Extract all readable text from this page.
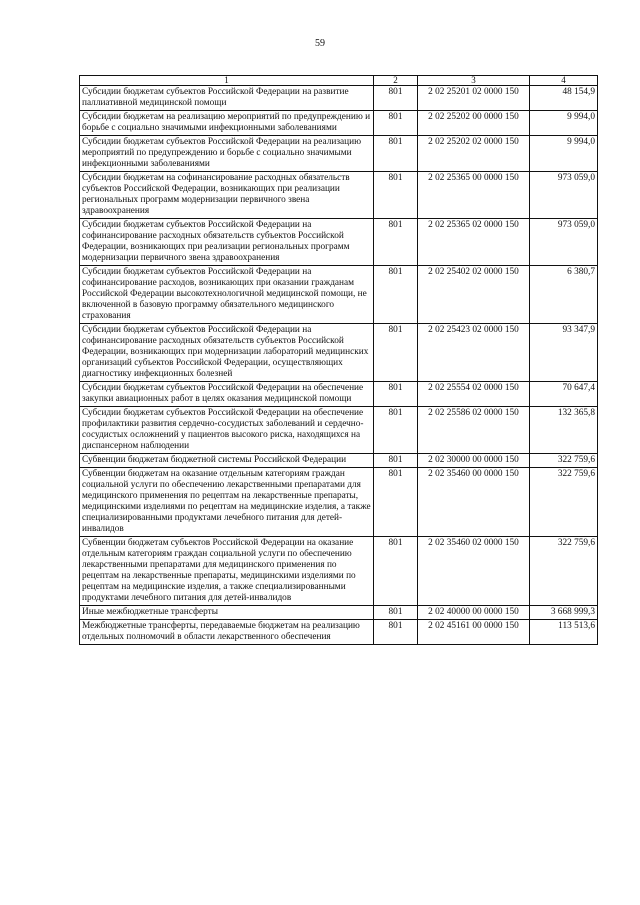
59
1	2	3	4
Субсидии бюджетам субъектов Российской Федерации на развитие паллиативной медицинской помощи	801	2 02 25201 02 0000 150	48 154,9
Субсидии бюджетам на реализацию мероприятий по предупреждению и борьбе с социально значимыми инфекционными заболеваниями	801	2 02 25202 00 0000 150	9 994,0
Субсидии бюджетам субъектов Российской Федерации на реализацию мероприятий по предупреждению и борьбе с социально значимыми инфекционными заболеваниями	801	2 02 25202 02 0000 150	9 994,0
Субсидии бюджетам на софинансирование расходных обязательств субъектов Российской Федерации, возникающих при реализации региональных программ модернизации первичного звена здравоохранения	801	2 02 25365 00 0000 150	973 059,0
Субсидии бюджетам субъектов Российской Федерации на софинансирование расходных обязательств субъектов Российской Федерации, возникающих при реализации региональных программ модернизации первичного звена здравоохранения	801	2 02 25365 02 0000 150	973 059,0
Субсидии бюджетам субъектов Российской Федерации на софинансирование расходов, возникающих при оказании гражданам Российской Федерации высокотехнологичной медицинской помощи, не включенной в базовую программу обязательного медицинского страхования	801	2 02 25402 02 0000 150	6 380,7
Субсидии бюджетам субъектов Российской Федерации на софинансирование расходных обязательств субъектов Российской Федерации, возникающих при модернизации лабораторий медицинских организаций субъектов Российской Федерации, осуществляющих диагностику инфекционных болезней	801	2 02 25423 02 0000 150	93 347,9
Субсидии бюджетам субъектов Российской Федерации на обеспечение закупки авиационных работ в целях оказания медицинской помощи	801	2 02 25554 02 0000 150	70 647,4
Субсидии бюджетам субъектов Российской Федерации на обеспечение профилактики развития сердечно-сосудистых заболеваний и сердечно-сосудистых осложнений у пациентов высокого риска, находящихся на диспансерном наблюдении	801	2 02 25586 02 0000 150	132 365,8
Субвенции бюджетам бюджетной системы Российской Федерации	801	2 02 30000 00 0000 150	322 759,6
Субвенции бюджетам на оказание отдельным категориям граждан социальной услуги по обеспечению лекарственными препаратами для медицинского применения по рецептам на лекарственные препараты, медицинскими изделиями по рецептам на медицинские изделия, а также специализированными продуктами лечебного питания для детей-инвалидов	801	2 02 35460 00 0000 150	322 759,6
Субвенции бюджетам субъектов Российской Федерации на оказание отдельным категориям граждан социальной услуги по обеспечению лекарственными препаратами для медицинского применения по рецептам на лекарственные препараты, медицинскими изделиями по рецептам на медицинские изделия, а также специализированными продуктами лечебного питания для детей-инвалидов	801	2 02 35460 02 0000 150	322 759,6
Иные межбюджетные трансферты	801	2 02 40000 00 0000 150	3 668 999,3
Межбюджетные трансферты, передаваемые бюджетам на реализацию отдельных полномочий в области лекарственного обеспечения	801	2 02 45161 00 0000 150	113 513,6
